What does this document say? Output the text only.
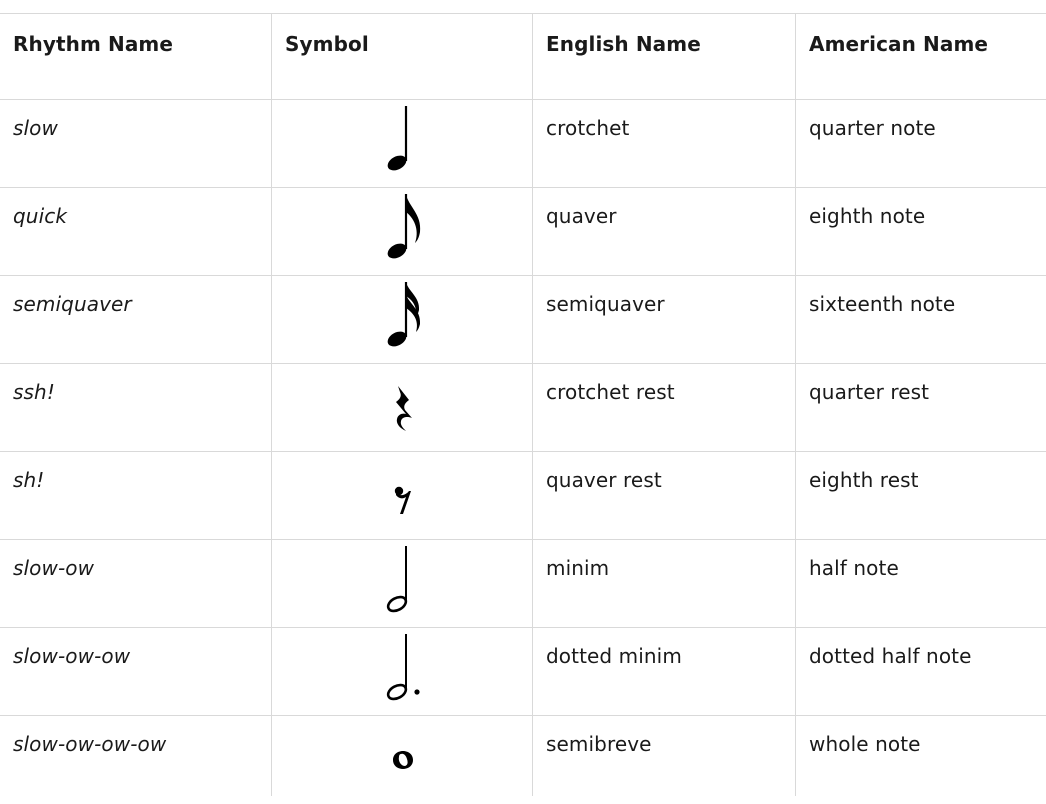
Rhythm Name	Symbol	English Name	American Name
slow	crotchet	quarter note
quick	quaver	eighth note
semiquaver	semiquaver	sixteenth note
ssh!	crotchet rest	quarter rest
sh!	quaver rest	eighth rest
slow-ow	minim	half note
slow-ow-ow	dotted minim	dotted half note
slow-ow-ow-ow	semibreve	whole note
